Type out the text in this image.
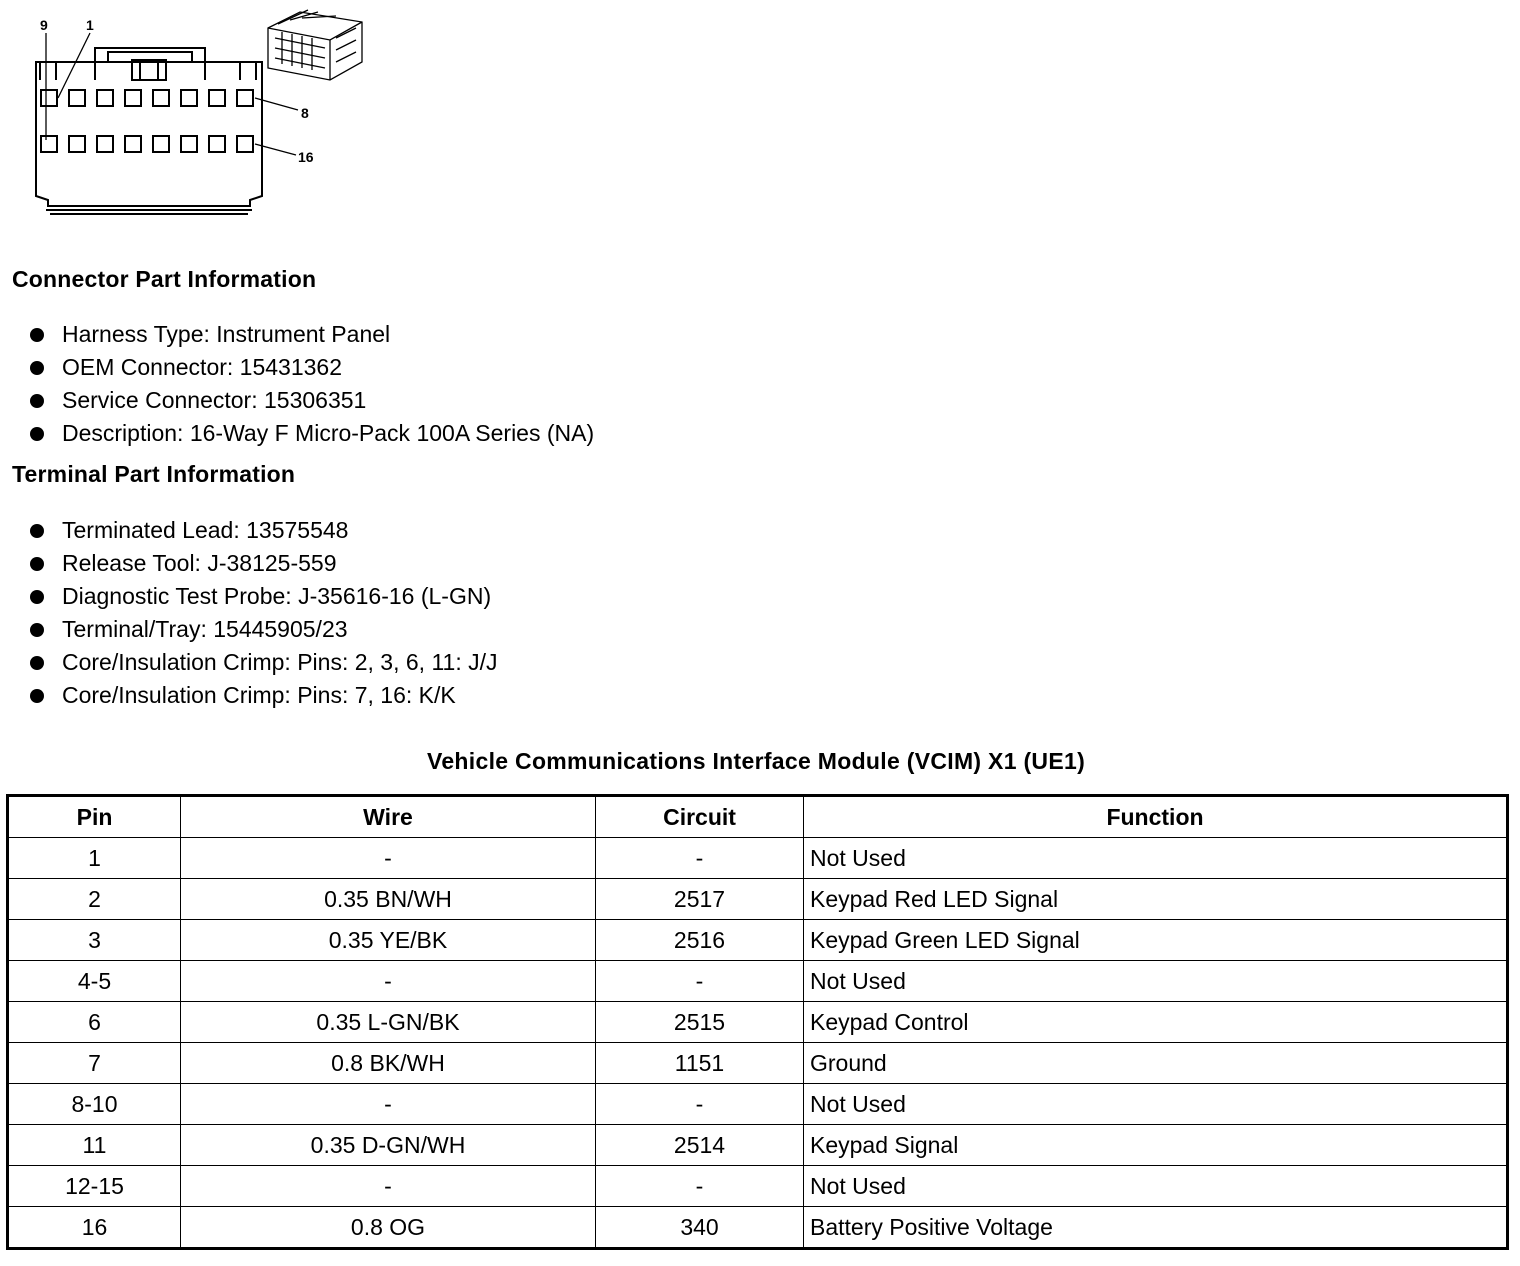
9	1
8
16
Connector Part Information
Harness Type: Instrument Panel
OEM Connector: 15431362
Service Connector: 15306351
Description: 16-Way F Micro-Pack 100A Series (NA)
Terminal Part Information
Terminated Lead: 13575548
Release Tool: J-38125-559
Diagnostic Test Probe: J-35616-16 (L-GN)
Terminal/Tray: 15445905/23
Core/Insulation Crimp: Pins: 2, 3, 6, 11: J/J
Core/Insulation Crimp: Pins: 7, 16: K/K
Vehicle Communications Interface Module (VCIM) X1 (UE1)
Pin	Wire	Circuit	Function
1	-	-	Not Used
2	0.35 BN/WH	2517	Keypad Red LED Signal
3	0.35 YE/BK	2516	Keypad Green LED Signal
4-5	-	-	Not Used
6	0.35 L-GN/BK	2515	Keypad Control
7	0.8 BK/WH	1151	Ground
8-10	-	-	Not Used
11	0.35 D-GN/WH	2514	Keypad Signal
12-15	-	-	Not Used
16	0.8 OG	340	Battery Positive Voltage
